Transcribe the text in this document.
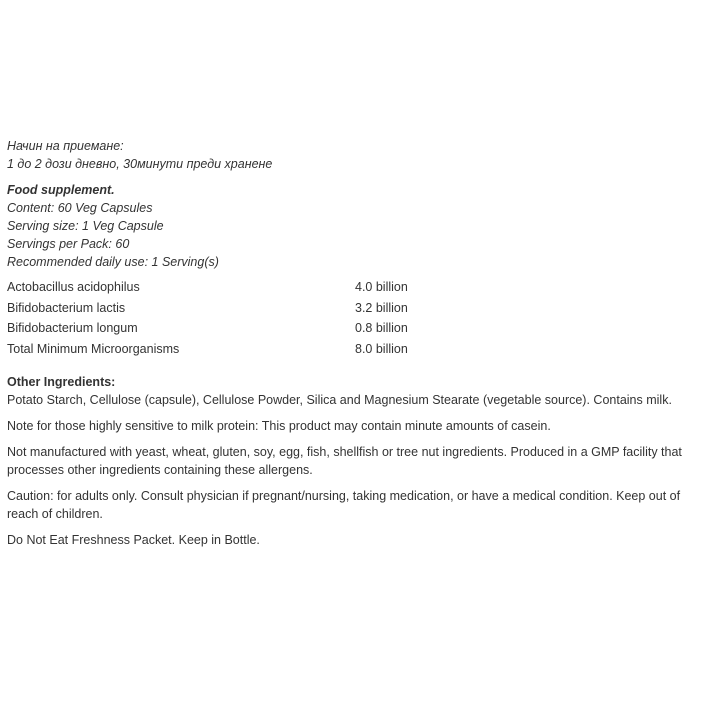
Начин на приемане:
1 до 2 дози дневно, 30минути преди хранене
Food supplement.
Content: 60 Veg Capsules
Serving size: 1 Veg Capsule
Servings per Pack: 60
Recommended daily use: 1 Serving(s)
Actobacillus acidophilus	4.0 billion
Bifidobacterium lactis	3.2 billion
Bifidobacterium longum	0.8 billion
Total Minimum Microorganisms	8.0 billion
Other Ingredients:

Potato Starch, Cellulose (capsule), Cellulose Powder, Silica and Magnesium Stearate (vegetable source). Contains milk.

Note for those highly sensitive to milk protein: This product may contain minute amounts of casein.

Not manufactured with yeast, wheat, gluten, soy, egg, fish, shellfish or tree nut ingredients. Produced in a GMP facility that processes other ingredients containing these allergens.

Caution: for adults only. Consult physician if pregnant/nursing, taking medication, or have a medical condition. Keep out of reach of children.

Do Not Eat Freshness Packet. Keep in Bottle.
